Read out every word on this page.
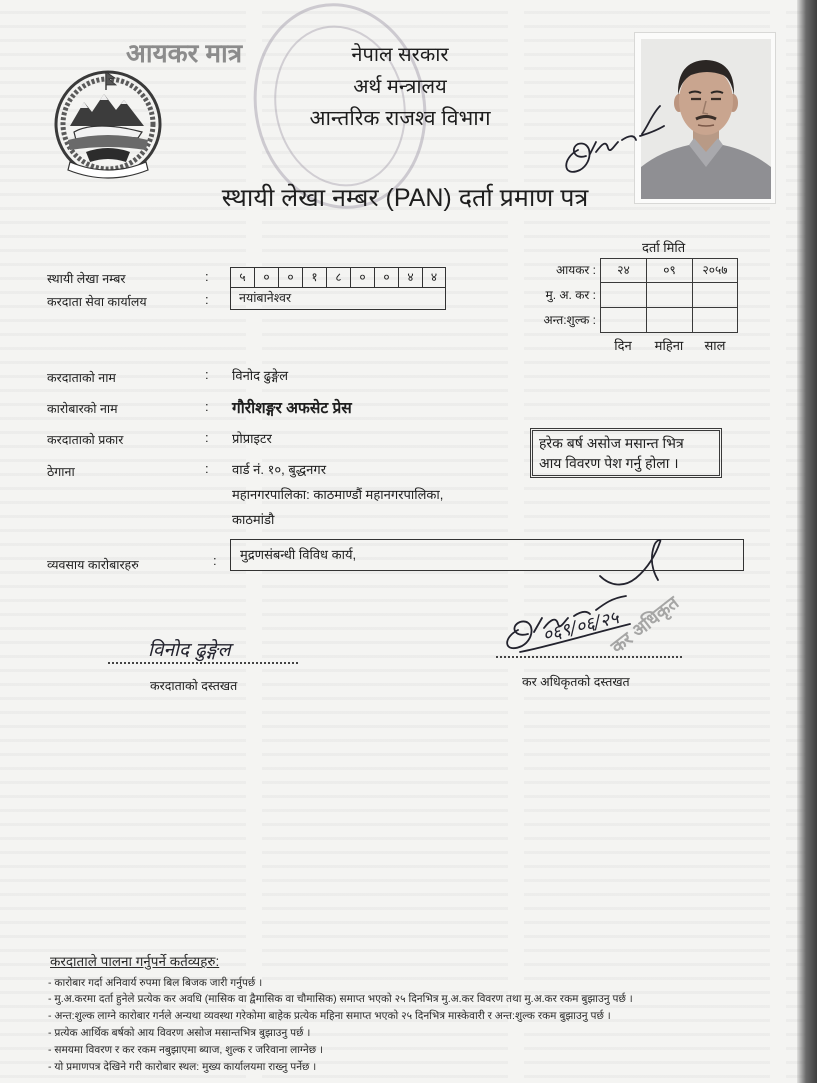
आयकर मात्र	नेपाल सरकार
अर्थ मन्त्रालय
आन्तरिक राजश्व विभाग
स्थायी लेखा नम्बर (PAN) दर्ता प्रमाण पत्र
दर्ता मिति
आयकर :	२४	०९	२०५७
मु. अ. कर :
अन्त:शुल्क :
दिन	महिना	साल
स्थायी लेखा नम्बर	:	५	०	०	१	८	०	०	४	४
करदाता सेवा कार्यालय	:	नयांबानेश्वर
करदाताको नाम	: विनोद ढुङ्गेल
कारोबारको नाम	: गौरीशङ्गर अफसेट प्रेस
करदाताको प्रकार	: प्रोप्राइटर
ठेगाना	: वार्ड नं. १०, बुद्धनगर
महानगरपालिका: काठमाण्डौं महानगरपालिका,
काठमांडौ
हरेक बर्ष असोज मसान्त भित्र
आय विवरण पेश गर्नु होला ।
व्यवसाय कारोबारहरु	:	मुद्रणसंबन्धी विविध कार्य,
विनोद ढुङ्गेल
करदाताको दस्तखत
०६९/०६/२५
कर अधिकृत
कर अधिकृतको दस्तखत
करदाताले पालना गर्नुपर्ने कर्तव्यहरु:
- कारोबार गर्दा अनिवार्य रुपमा बिल बिजक जारी गर्नुपर्छ ।
- मु.अ.करमा दर्ता हुनेले प्रत्येक कर अवधि (मासिक वा द्वैमासिक वा चौमासिक) समाप्त भएको २५ दिनभित्र मु.अ.कर विवरण तथा मु.अ.कर रकम बुझाउनु पर्छ ।
- अन्त:शुल्क लाग्ने कारोबार गर्नले अन्यथा व्यवस्था गरेकोमा बाहेक प्रत्येक महिना समाप्त भएको २५ दिनभित्र मास्केवारी र अन्त:शुल्क रकम बुझाउनु पर्छ ।
- प्रत्येक आर्थिक बर्षको आय विवरण असोज मसान्तभित्र बुझाउनु पर्छ ।
- समयमा विवरण र कर रकम नबुझाएमा ब्याज, शुल्क र जरिवाना लाग्नेछ ।
- यो प्रमाणपत्र देखिने गरी कारोबार स्थल: मुख्य कार्यालयमा राख्नु पर्नेछ ।
